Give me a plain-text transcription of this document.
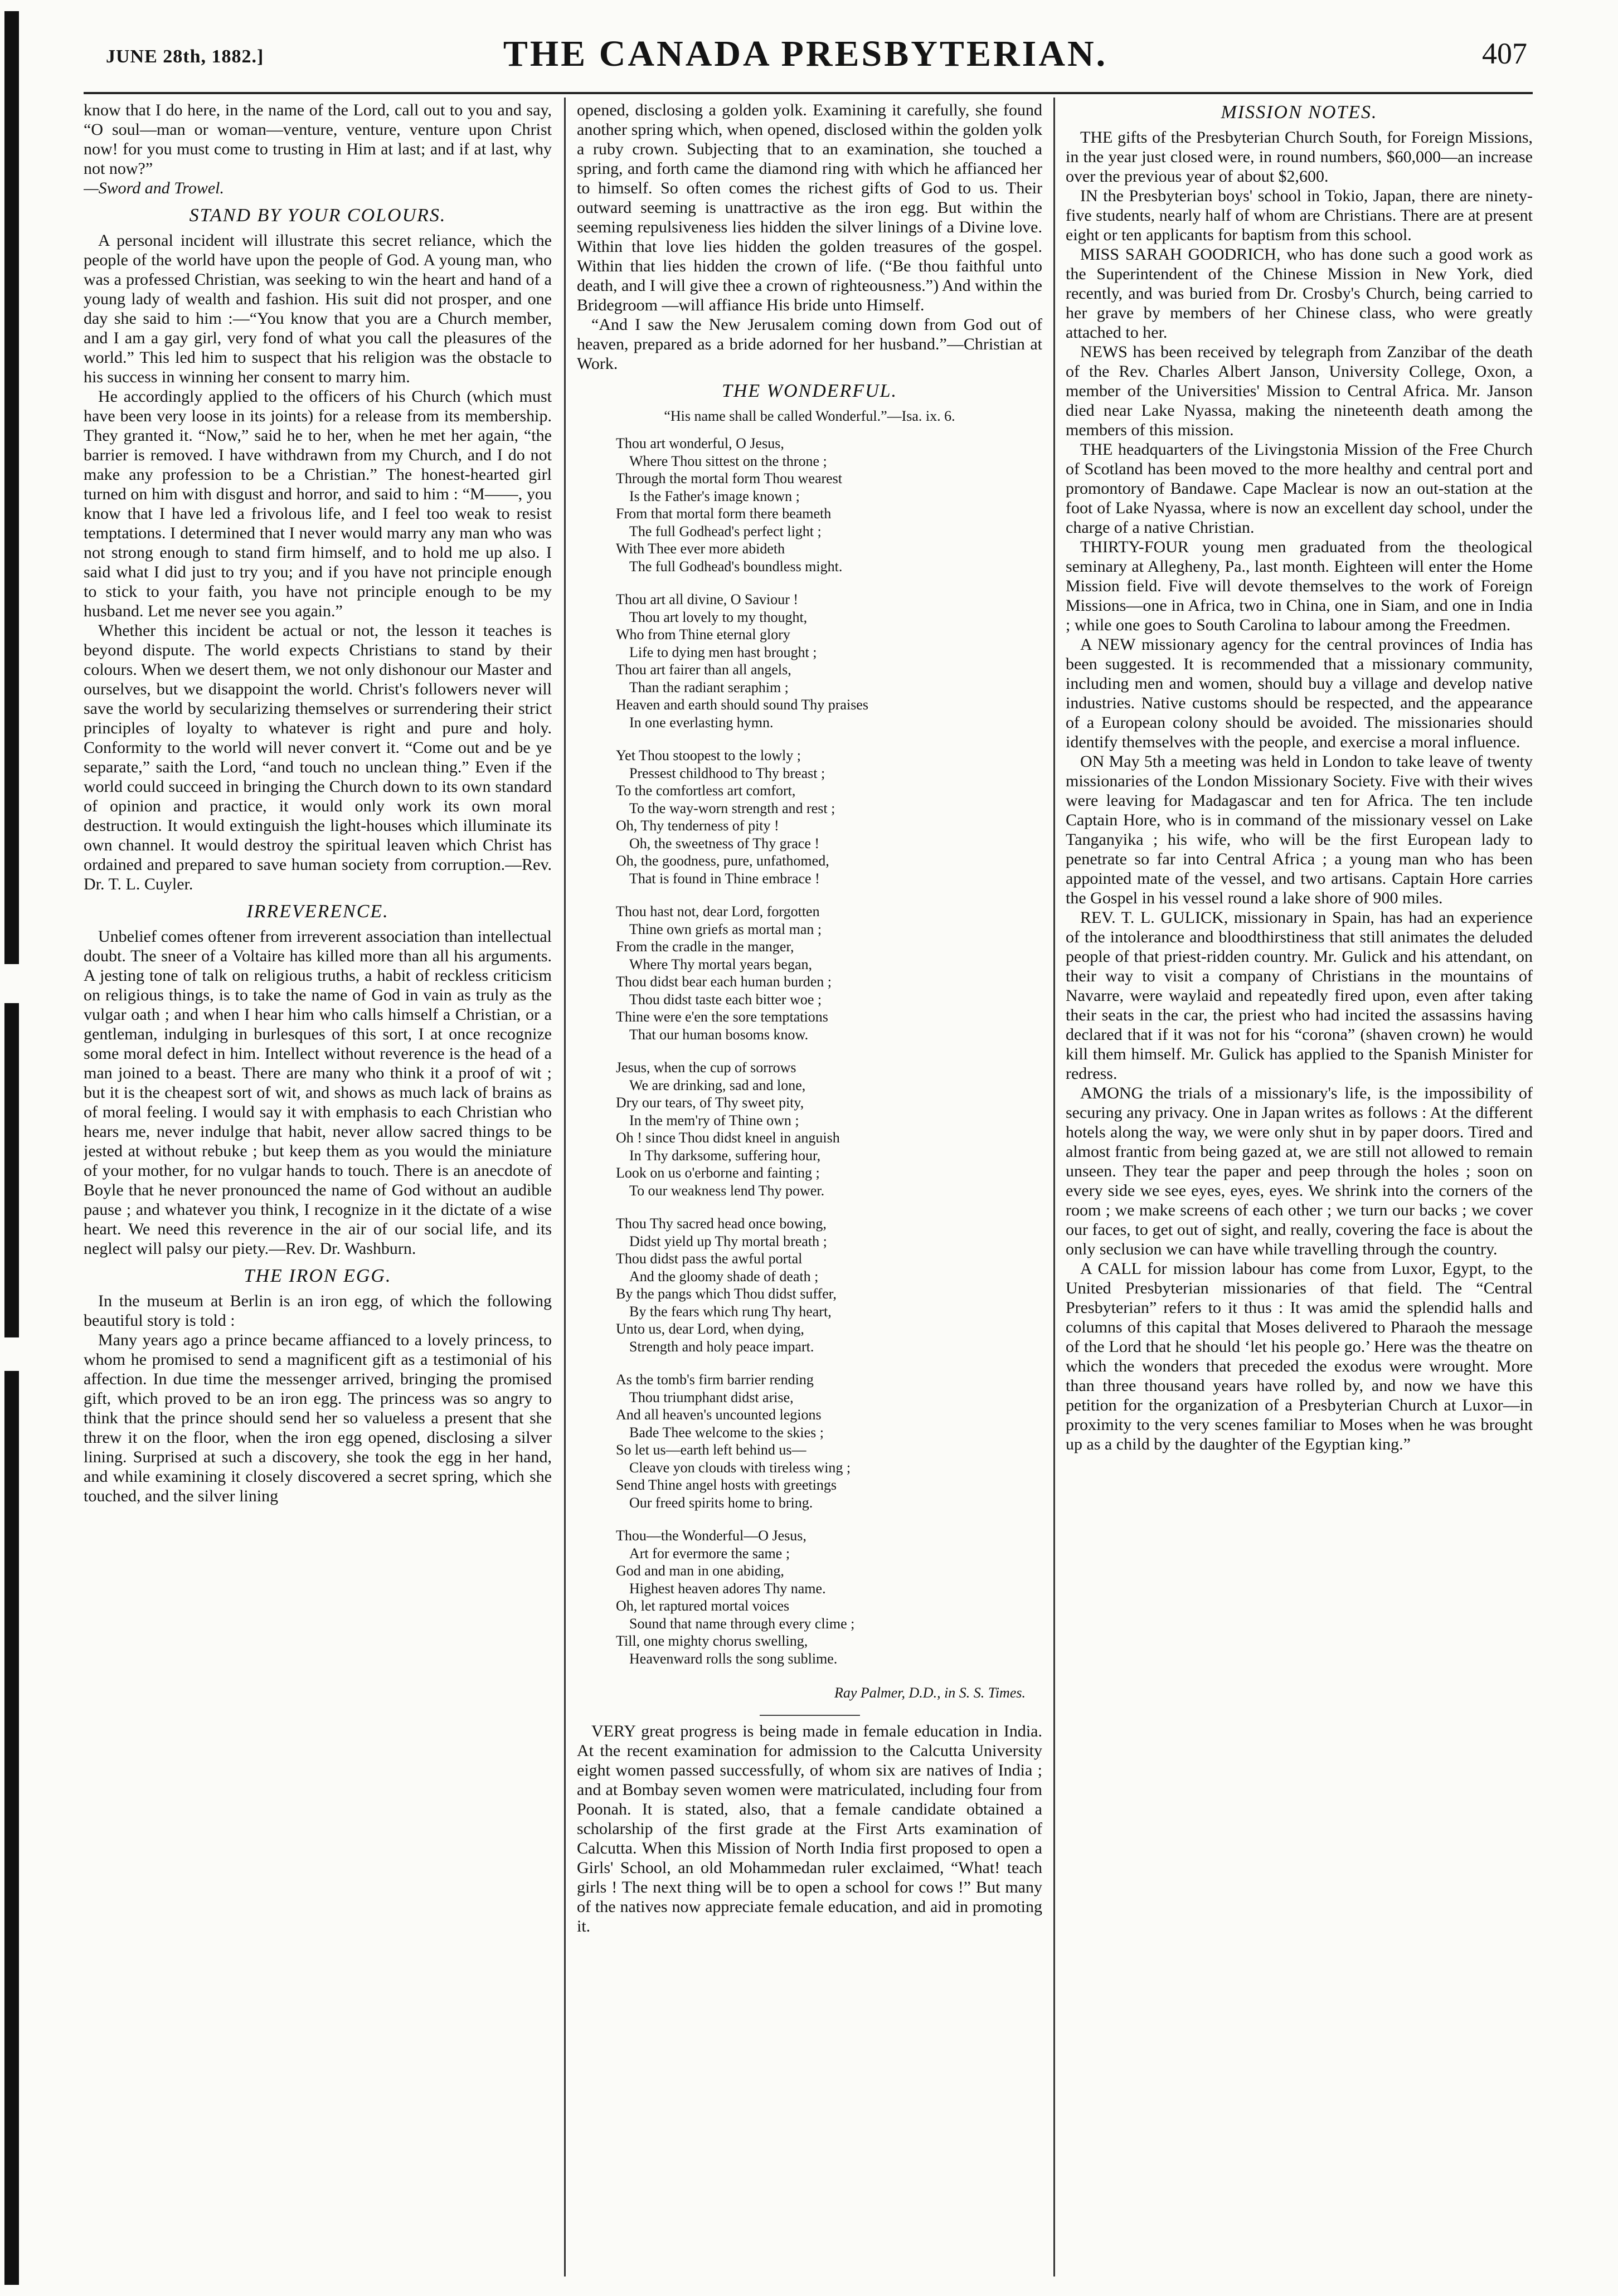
JUNE 28th, 1882.]	THE CANADA PRESBYTERIAN.	407

know that I do here, in the name of the Lord, call out to you and say, “O soul—man or woman—venture, venture, venture upon Christ now! for you must come to trusting in Him at last; and if at last, why not now?”

—Sword and Trowel.

STAND BY YOUR COLOURS.

A personal incident will illustrate this secret reliance, which the people of the world have upon the people of God. A young man, who was a professed Christian, was seeking to win the heart and hand of a young lady of wealth and fashion. His suit did not prosper, and one day she said to him :—“You know that you are a Church member, and I am a gay girl, very fond of what you call the pleasures of the world.” This led him to suspect that his religion was the obstacle to his success in winning her consent to marry him.

He accordingly applied to the officers of his Church (which must have been very loose in its joints) for a release from its membership. They granted it. “Now,” said he to her, when he met her again, “the barrier is removed. I have withdrawn from my Church, and I do not make any profession to be a Christian.” The honest-hearted girl turned on him with disgust and horror, and said to him : “M——, you know that I have led a frivolous life, and I feel too weak to resist temptations. I determined that I never would marry any man who was not strong enough to stand firm himself, and to hold me up also. I said what I did just to try you; and if you have not principle enough to stick to your faith, you have not principle enough to be my husband. Let me never see you again.”

Whether this incident be actual or not, the lesson it teaches is beyond dispute. The world expects Christians to stand by their colours. When we desert them, we not only dishonour our Master and ourselves, but we disappoint the world. Christ's followers never will save the world by secularizing themselves or surrendering their strict principles of loyalty to whatever is right and pure and holy. Conformity to the world will never convert it. “Come out and be ye separate,” saith the Lord, “and touch no unclean thing.” Even if the world could succeed in bringing the Church down to its own standard of opinion and practice, it would only work its own moral destruction. It would extinguish the light-houses which illuminate its own channel. It would destroy the spiritual leaven which Christ has ordained and prepared to save human society from corruption.—Rev. Dr. T. L. Cuyler.

IRREVERENCE.

Unbelief comes oftener from irreverent association than intellectual doubt. The sneer of a Voltaire has killed more than all his arguments. A jesting tone of talk on religious truths, a habit of reckless criticism on religious things, is to take the name of God in vain as truly as the vulgar oath ; and when I hear him who calls himself a Christian, or a gentleman, indulging in burlesques of this sort, I at once recognize some moral defect in him. Intellect without reverence is the head of a man joined to a beast. There are many who think it a proof of wit ; but it is the cheapest sort of wit, and shows as much lack of brains as of moral feeling. I would say it with emphasis to each Christian who hears me, never indulge that habit, never allow sacred things to be jested at without rebuke ; but keep them as you would the miniature of your mother, for no vulgar hands to touch. There is an anecdote of Boyle that he never pronounced the name of God without an audible pause ; and whatever you think, I recognize in it the dictate of a wise heart. We need this reverence in the air of our social life, and its neglect will palsy our piety.—Rev. Dr. Washburn.

THE IRON EGG.

In the museum at Berlin is an iron egg, of which the following beautiful story is told :

Many years ago a prince became affianced to a lovely princess, to whom he promised to send a magnificent gift as a testimonial of his affection. In due time the messenger arrived, bringing the promised gift, which proved to be an iron egg. The princess was so angry to think that the prince should send her so valueless a present that she threw it on the floor, when the iron egg opened, disclosing a silver lining. Surprised at such a discovery, she took the egg in her hand, and while examining it closely discovered a secret spring, which she touched, and the silver lining

opened, disclosing a golden yolk. Examining it carefully, she found another spring which, when opened, disclosed within the golden yolk a ruby crown. Subjecting that to an examination, she touched a spring, and forth came the diamond ring with which he affianced her to himself. So often comes the richest gifts of God to us. Their outward seeming is unattractive as the iron egg. But within the seeming repulsiveness lies hidden the silver linings of a Divine love. Within that love lies hidden the golden treasures of the gospel. Within that lies hidden the crown of life. (“Be thou faithful unto death, and I will give thee a crown of righteousness.”) And within the Bridegroom —will affiance His bride unto Himself.

“And I saw the New Jerusalem coming down from God out of heaven, prepared as a bride adorned for her husband.”—Christian at Work.

THE WONDERFUL.
“His name shall be called Wonderful.”—Isa. ix. 6.
Thou art wonderful, O Jesus,
Where Thou sittest on the throne ;
Through the mortal form Thou wearest
Is the Father's image known ;
From that mortal form there beameth
The full Godhead's perfect light ;
With Thee ever more abideth
The full Godhead's boundless might.
Thou art all divine, O Saviour !
Thou art lovely to my thought,
Who from Thine eternal glory
Life to dying men hast brought ;
Thou art fairer than all angels,
Than the radiant seraphim ;
Heaven and earth should sound Thy praises
In one everlasting hymn.
Yet Thou stoopest to the lowly ;
Pressest childhood to Thy breast ;
To the comfortless art comfort,
To the way-worn strength and rest ;
Oh, Thy tenderness of pity !
Oh, the sweetness of Thy grace !
Oh, the goodness, pure, unfathomed,
That is found in Thine embrace !
Thou hast not, dear Lord, forgotten
Thine own griefs as mortal man ;
From the cradle in the manger,
Where Thy mortal years began,
Thou didst bear each human burden ;
Thou didst taste each bitter woe ;
Thine were e'en the sore temptations
That our human bosoms know.
Jesus, when the cup of sorrows
We are drinking, sad and lone,
Dry our tears, of Thy sweet pity,
In the mem'ry of Thine own ;
Oh ! since Thou didst kneel in anguish
In Thy darksome, suffering hour,
Look on us o'erborne and fainting ;
To our weakness lend Thy power.
Thou Thy sacred head once bowing,
Didst yield up Thy mortal breath ;
Thou didst pass the awful portal
And the gloomy shade of death ;
By the pangs which Thou didst suffer,
By the fears which rung Thy heart,
Unto us, dear Lord, when dying,
Strength and holy peace impart.
As the tomb's firm barrier rending
Thou triumphant didst arise,
And all heaven's uncounted legions
Bade Thee welcome to the skies ;
So let us—earth left behind us—
Cleave yon clouds with tireless wing ;
Send Thine angel hosts with greetings
Our freed spirits home to bring.
Thou—the Wonderful—O Jesus,
Art for evermore the same ;
God and man in one abiding,
Highest heaven adores Thy name.
Oh, let raptured mortal voices
Sound that name through every clime ;
Till, one mighty chorus swelling,
Heavenward rolls the song sublime.
Ray Palmer, D.D., in S. S. Times.

VERY great progress is being made in female education in India. At the recent examination for admission to the Calcutta University eight women passed successfully, of whom six are natives of India ; and at Bombay seven women were matriculated, including four from Poonah. It is stated, also, that a female candidate obtained a scholarship of the first grade at the First Arts examination of Calcutta. When this Mission of North India first proposed to open a Girls' School, an old Mohammedan ruler exclaimed, “What! teach girls ! The next thing will be to open a school for cows !” But many of the natives now appreciate female education, and aid in promoting it.

MISSION NOTES.

THE gifts of the Presbyterian Church South, for Foreign Missions, in the year just closed were, in round numbers, $60,000—an increase over the previous year of about $2,600.

IN the Presbyterian boys' school in Tokio, Japan, there are ninety-five students, nearly half of whom are Christians. There are at present eight or ten applicants for baptism from this school.

MISS SARAH GOODRICH, who has done such a good work as the Superintendent of the Chinese Mission in New York, died recently, and was buried from Dr. Crosby's Church, being carried to her grave by members of her Chinese class, who were greatly attached to her.

NEWS has been received by telegraph from Zanzibar of the death of the Rev. Charles Albert Janson, University College, Oxon, a member of the Universities' Mission to Central Africa. Mr. Janson died near Lake Nyassa, making the nineteenth death among the members of this mission.

THE headquarters of the Livingstonia Mission of the Free Church of Scotland has been moved to the more healthy and central port and promontory of Bandawe. Cape Maclear is now an out-station at the foot of Lake Nyassa, where is now an excellent day school, under the charge of a native Christian.

THIRTY-FOUR young men graduated from the theological seminary at Allegheny, Pa., last month. Eighteen will enter the Home Mission field. Five will devote themselves to the work of Foreign Missions—one in Africa, two in China, one in Siam, and one in India ; while one goes to South Carolina to labour among the Freedmen.

A NEW missionary agency for the central provinces of India has been suggested. It is recommended that a missionary community, including men and women, should buy a village and develop native industries. Native customs should be respected, and the appearance of a European colony should be avoided. The missionaries should identify themselves with the people, and exercise a moral influence.

ON May 5th a meeting was held in London to take leave of twenty missionaries of the London Missionary Society. Five with their wives were leaving for Madagascar and ten for Africa. The ten include Captain Hore, who is in command of the missionary vessel on Lake Tanganyika ; his wife, who will be the first European lady to penetrate so far into Central Africa ; a young man who has been appointed mate of the vessel, and two artisans. Captain Hore carries the Gospel in his vessel round a lake shore of 900 miles.

REV. T. L. GULICK, missionary in Spain, has had an experience of the intolerance and bloodthirstiness that still animates the deluded people of that priest-ridden country. Mr. Gulick and his attendant, on their way to visit a company of Christians in the mountains of Navarre, were waylaid and repeatedly fired upon, even after taking their seats in the car, the priest who had incited the assassins having declared that if it was not for his “corona” (shaven crown) he would kill them himself. Mr. Gulick has applied to the Spanish Minister for redress.

AMONG the trials of a missionary's life, is the impossibility of securing any privacy. One in Japan writes as follows : At the different hotels along the way, we were only shut in by paper doors. Tired and almost frantic from being gazed at, we are still not allowed to remain unseen. They tear the paper and peep through the holes ; soon on every side we see eyes, eyes, eyes. We shrink into the corners of the room ; we make screens of each other ; we turn our backs ; we cover our faces, to get out of sight, and really, covering the face is about the only seclusion we can have while travelling through the country.

A CALL for mission labour has come from Luxor, Egypt, to the United Presbyterian missionaries of that field. The “Central Presbyterian” refers to it thus : It was amid the splendid halls and columns of this capital that Moses delivered to Pharaoh the message of the Lord that he should ‘let his people go.’ Here was the theatre on which the wonders that preceded the exodus were wrought. More than three thousand years have rolled by, and now we have this petition for the organization of a Presbyterian Church at Luxor—in proximity to the very scenes familiar to Moses when he was brought up as a child by the daughter of the Egyptian king.”
